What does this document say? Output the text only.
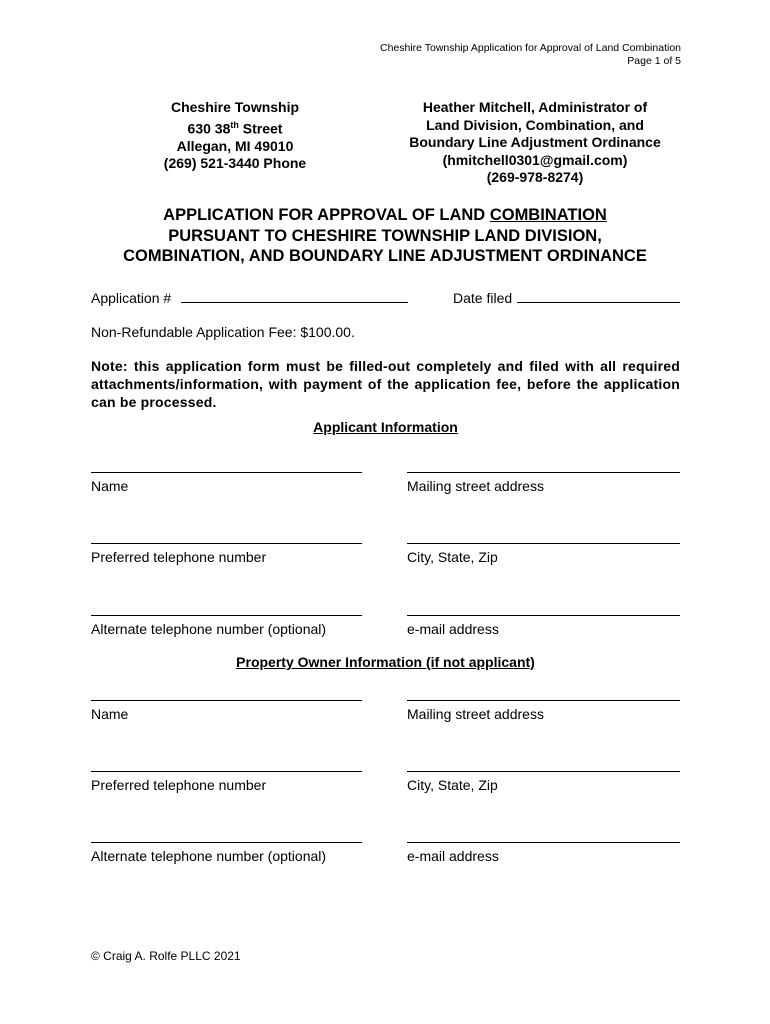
Cheshire Township Application for Approval of Land Combination
Page 1 of 5
Cheshire Township
630 38th Street
Allegan, MI 49010
(269) 521-3440 Phone
Heather Mitchell, Administrator of
Land Division, Combination, and
Boundary Line Adjustment Ordinance
(hmitchell0301@gmail.com)
(269-978-8274)
APPLICATION FOR APPROVAL OF LAND COMBINATION
PURSUANT TO CHESHIRE TOWNSHIP LAND DIVISION,
COMBINATION, AND BOUNDARY LINE ADJUSTMENT ORDINANCE
Application #	Date filed
Non-Refundable Application Fee: $100.00.
Note: this application form must be filled-out completely and filed with all required attachments/information, with payment of the application fee, before the application can be processed.
Applicant Information
Name	Mailing street address
Preferred telephone number	City, State, Zip
Alternate telephone number (optional)	e-mail address
Property Owner Information (if not applicant)
Name	Mailing street address
Preferred telephone number	City, State, Zip
Alternate telephone number (optional)	e-mail address
© Craig A. Rolfe PLLC 2021
